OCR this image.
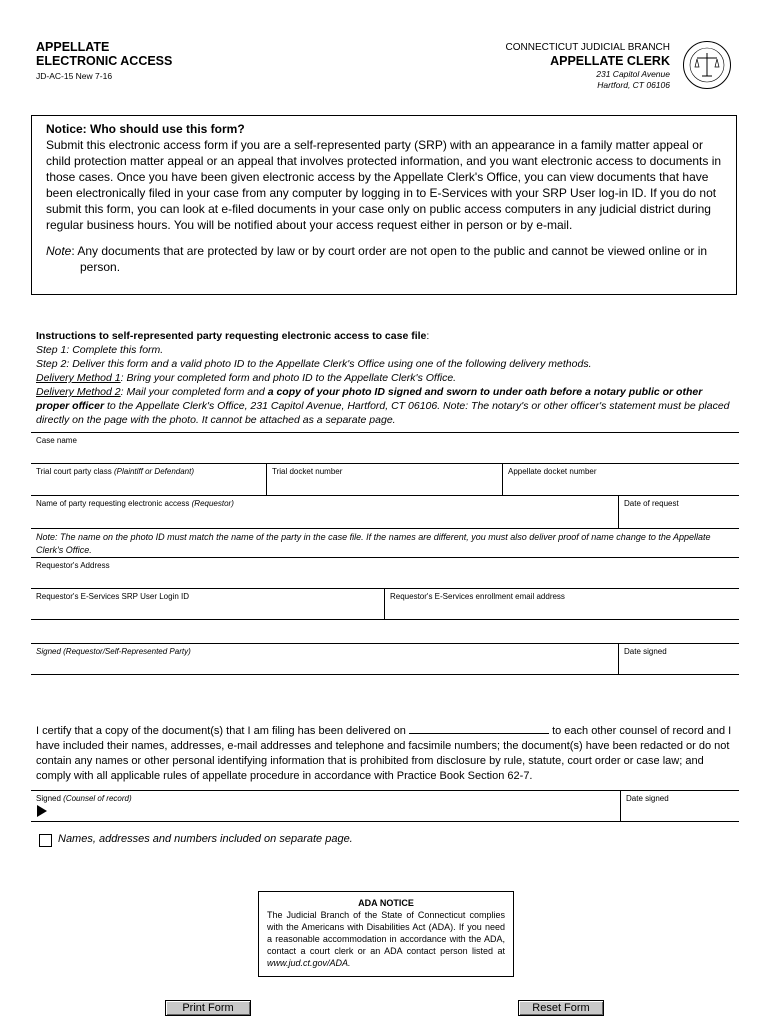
APPELLATE
ELECTRONIC ACCESS
JD-AC-15 New 7-16
CONNECTICUT JUDICIAL BRANCH
APPELLATE CLERK
231 Capitol Avenue
Hartford, CT 06106
Notice: Who should use this form?
Submit this electronic access form if you are a self-represented party (SRP) with an appearance in a family matter appeal or child protection matter appeal or an appeal that involves protected information, and you want electronic access to documents in those cases. Once you have been given electronic access by the Appellate Clerk's Office, you can view documents that have been electronically filed in your case from any computer by logging in to E-Services with your SRP User log-in ID. If you do not submit this form, you can look at e-filed documents in your case only on public access computers in any judicial district during regular business hours. You will be notified about your access request either in person or by e-mail.
Note: Any documents that are protected by law or by court order are not open to the public and cannot be viewed online or in person.
Instructions to self-represented party requesting electronic access to case file:
Step 1: Complete this form.
Step 2: Deliver this form and a valid photo ID to the Appellate Clerk's Office using one of the following delivery methods.
Delivery Method 1: Bring your completed form and photo ID to the Appellate Clerk's Office.
Delivery Method 2: Mail your completed form and a copy of your photo ID signed and sworn to under oath before a notary public or other proper officer to the Appellate Clerk's Office, 231 Capitol Avenue, Hartford, CT 06106. Note: The notary's or other officer's statement must be placed directly on the page with the photo. It cannot be attached as a separate page.
Case name
Trial court party class (Plaintiff or Defendant)	Trial docket number	Appellate docket number
Name of party requesting electronic access (Requestor)	Date of request
Note: The name on the photo ID must match the name of the party in the case file. If the names are different, you must also deliver proof of name change to the Appellate Clerk's Office.
Requestor's Address
Requestor's E-Services SRP User Login ID	Requestor's E-Services enrollment email address
Signed (Requestor/Self-Represented Party)	Date signed
I certify that a copy of the document(s) that I am filing has been delivered on	to each other counsel of record and I have included their names, addresses, e-mail addresses and telephone and facsimile numbers; the document(s) have been redacted or do not contain any names or other personal identifying information that is prohibited from disclosure by rule, statute, court order or case law; and comply with all applicable rules of appellate procedure in accordance with Practice Book Section 62-7.
Signed (Counsel of record)	Date signed
Names, addresses and numbers included on separate page.
ADA NOTICE
The Judicial Branch of the State of Connecticut complies with the Americans with Disabilities Act (ADA). If you need a reasonable accommodation in accordance with the ADA, contact a court clerk or an ADA contact person listed at www.jud.ct.gov/ADA.
Print Form	Reset Form
